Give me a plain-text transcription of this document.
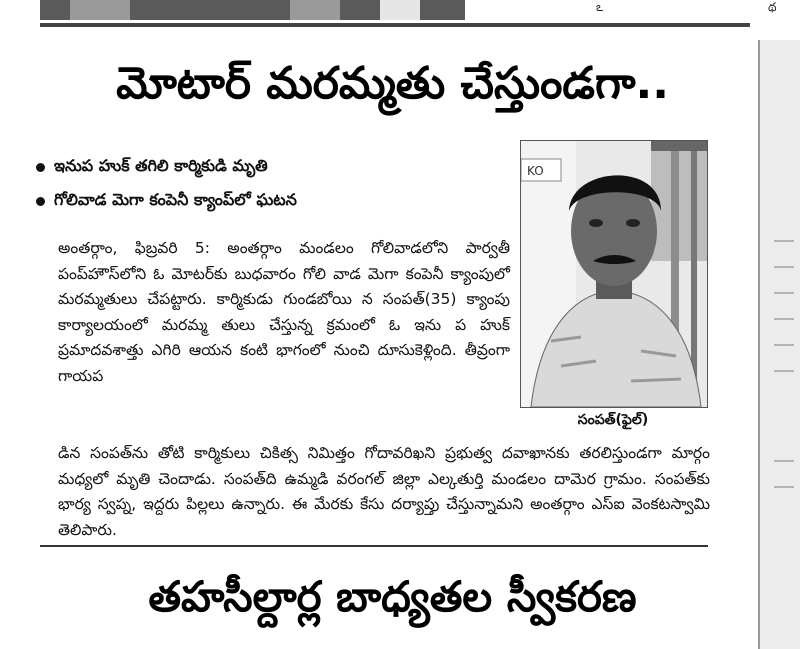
ఽ	థ
మోటార్ మరమ్మతు చేస్తుండగా..
ఇనుప హుక్ తగిలి కార్మికుడి మృతి
గోలివాడ మెగా కంపెనీ క్యాంప్‌లో ఘటన
అంతర్గాం, ఫిబ్రవరి 5: అంతర్గాం మండలం గోలివాడలోని పార్వతీ పంప్‌హౌస్‌లోని ఓ మోటర్‌కు బుధవారం గోలి వాడ మెగా కంపెనీ క్యాంపులో మరమ్మతులు చేపట్టారు. కార్మికుడు గుండబోయి న సంపత్(35) క్యాంపు కార్యాలయంలో మరమ్మ తులు చేస్తున్న క్రమంలో ఓ ఇను ప హుక్ ప్రమాదవశాత్తు ఎగిరి ఆయన కంటి భాగంలో నుంచి దూసుకెళ్లింది. తీవ్రంగా గాయప
డిన సంపత్‌ను తోటి కార్మికులు చికిత్స నిమిత్తం గోదావరిఖని ప్రభుత్వ దవాఖానకు తరలిస్తుండగా మార్గం మధ్యలో మృతి చెందాడు. సంపత్‌ది ఉమ్మడి వరంగల్ జిల్లా ఎల్కతుర్తి మండలం దామెర గ్రామం. సంపత్‌కు భార్య స్వప్న, ఇద్దరు పిల్లలు ఉన్నారు. ఈ మేరకు కేసు దర్యాప్తు చేస్తున్నామని అంతర్గాం ఎస్ఐ వెంకటస్వామి తెలిపారు.
KO
సంపత్(ఫైల్)
తహసీల్దార్ల బాధ్యతల స్వీకరణ
